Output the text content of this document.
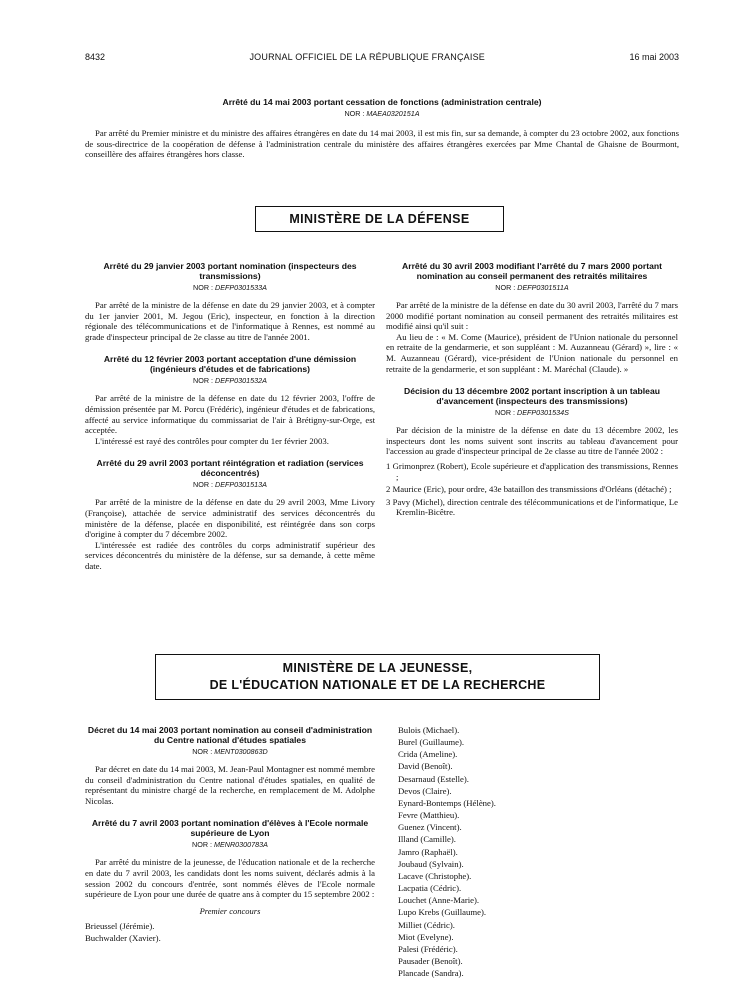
8432	JOURNAL OFFICIEL DE LA RÉPUBLIQUE FRANÇAISE	16 mai 2003
Arrêté du 14 mai 2003 portant cessation de fonctions (administration centrale)
NOR : MAEA0320151A

Par arrêté du Premier ministre et du ministre des affaires étrangères en date du 14 mai 2003, il est mis fin, sur sa demande, à compter du 23 octobre 2002, aux fonctions de sous-directrice de la coopération de défense à l'administration centrale du ministère des affaires étrangères exercées par Mme Chantal de Ghaisne de Bourmont, conseillère des affaires étrangères hors classe.

MINISTÈRE DE LA DÉFENSE
Arrêté du 29 janvier 2003 portant nomination (inspecteurs des transmissions)
NOR : DEFP0301533A

Par arrêté de la ministre de la défense en date du 29 janvier 2003, et à compter du 1er janvier 2001, M. Jegou (Eric), inspecteur, en fonction à la direction régionale des télécommunications et de l'informatique à Rennes, est nommé au grade d'inspecteur principal de 2e classe au titre de l'année 2001.

Arrêté du 12 février 2003 portant acceptation d'une démission (ingénieurs d'études et de fabrications)
NOR : DEFP0301532A

Par arrêté de la ministre de la défense en date du 12 février 2003, l'offre de démission présentée par M. Porcu (Frédéric), ingénieur d'études et de fabrications, affecté au service informatique du commissariat de l'air à Brétigny-sur-Orge, est acceptée.

L'intéressé est rayé des contrôles pour compter du 1er février 2003.

Arrêté du 29 avril 2003 portant réintégration et radiation (services déconcentrés)
NOR : DEFP0301513A

Par arrêté de la ministre de la défense en date du 29 avril 2003, Mme Livory (Françoise), attachée de service administratif des services déconcentrés du ministère de la défense, placée en disponibilité, est réintégrée dans son corps d'origine à compter du 7 décembre 2002.

L'intéressée est radiée des contrôles du corps administratif supérieur des services déconcentrés du ministère de la défense, sur sa demande, à cette même date.

Arrêté du 30 avril 2003 modifiant l'arrêté du 7 mars 2000 portant nomination au conseil permanent des retraités militaires
NOR : DEFP0301511A

Par arrêté de la ministre de la défense en date du 30 avril 2003, l'arrêté du 7 mars 2000 modifié portant nomination au conseil permanent des retraités militaires est modifié ainsi qu'il suit :

Au lieu de : « M. Come (Maurice), président de l'Union nationale du personnel en retraite de la gendarmerie, et son suppléant : M. Auzanneau (Gérard) », lire : « M. Auzanneau (Gérard), vice-président de l'Union nationale du personnel en retraite de la gendarmerie, et son suppléant : M. Maréchal (Claude). »

Décision du 13 décembre 2002 portant inscription à un tableau d'avancement (inspecteurs des transmissions)
NOR : DEFP0301534S

Par décision de la ministre de la défense en date du 13 décembre 2002, les inspecteurs dont les noms suivent sont inscrits au tableau d'avancement pour l'accession au grade d'inspecteur principal de 2e classe au titre de l'année 2002 :

1 Grimonprez (Robert), Ecole supérieure et d'application des transmissions, Rennes ;
2 Maurice (Eric), pour ordre, 43e bataillon des transmissions d'Orléans (détaché) ;
3 Pavy (Michel), direction centrale des télécommunications et de l'informatique, Le Kremlin-Bicêtre.
MINISTÈRE DE LA JEUNESSE,
DE L'ÉDUCATION NATIONALE ET DE LA RECHERCHE
Décret du 14 mai 2003 portant nomination au conseil d'administration du Centre national d'études spatiales
NOR : MENT0300863D

Par décret en date du 14 mai 2003, M. Jean-Paul Montagner est nommé membre du conseil d'administration du Centre national d'études spatiales, en qualité de représentant du ministre chargé de la recherche, en remplacement de M. Adolphe Nicolas.

Arrêté du 7 avril 2003 portant nomination d'élèves à l'Ecole normale supérieure de Lyon
NOR : MENR0300783A

Par arrêté du ministre de la jeunesse, de l'éducation nationale et de la recherche en date du 7 avril 2003, les candidats dont les noms suivent, déclarés admis à la session 2002 du concours d'entrée, sont nommés élèves de l'Ecole normale supérieure de Lyon pour une durée de quatre ans à compter du 15 septembre 2002 :

Premier concours
Brieussel (Jérémie).
Buchwalder (Xavier).
Bulois (Michael).
Burel (Guillaume).
Crida (Ameline).
David (Benoît).
Desarnaud (Estelle).
Devos (Claire).
Eynard-Bontemps (Hélène).
Fevre (Matthieu).
Guenez (Vincent).
Illand (Camille).
Jamro (Raphaël).
Joubaud (Sylvain).
Lacave (Christophe).
Lacpatia (Cédric).
Louchet (Anne-Marie).
Lupo Krebs (Guillaume).
Milliet (Cédric).
Miot (Evelyne).
Palesi (Frédéric).
Pausader (Benoît).
Plancade (Sandra).
